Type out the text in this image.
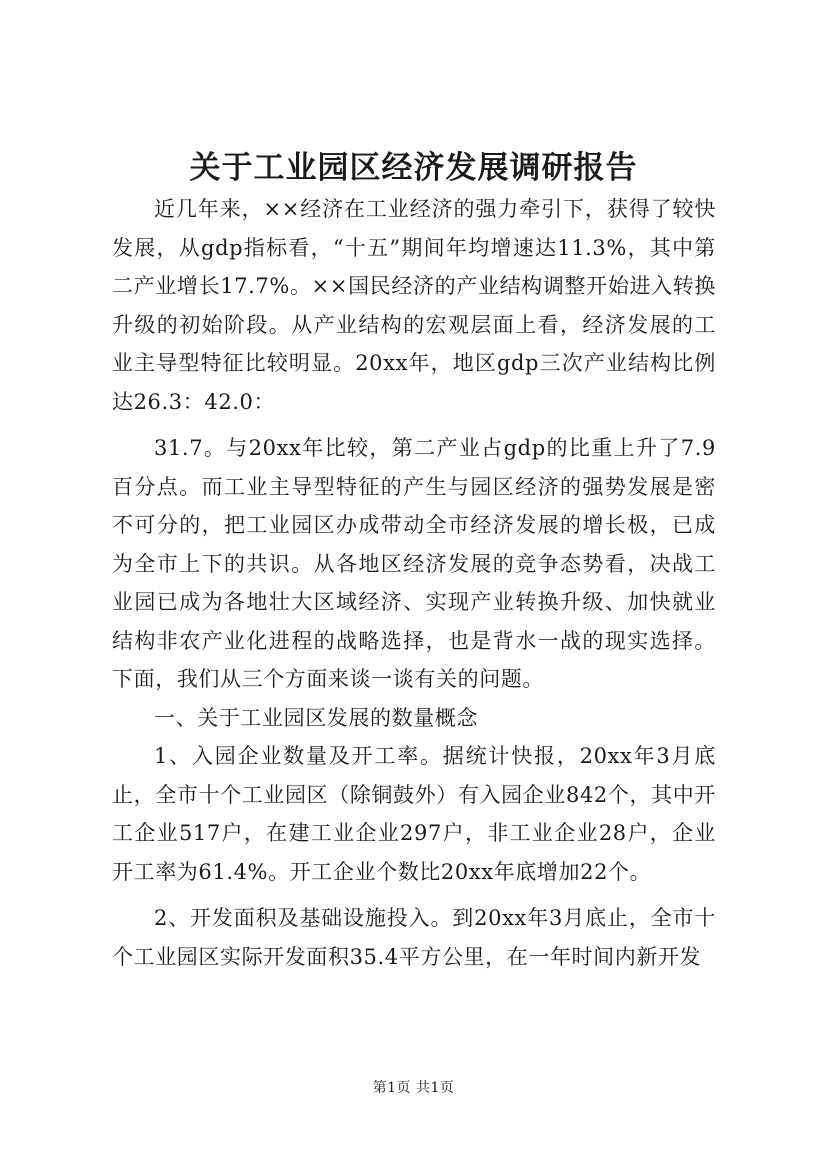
关于工业园区经济发展调研报告

近几年来，××经济在工业经济的强力牵引下，获得了较快发展，从gdp指标看，“十五”期间年均增速达11.3%，其中第二产业增长17.7%。××国民经济的产业结构调整开始进入转换升级的初始阶段。从产业结构的宏观层面上看，经济发展的工业主导型特征比较明显。20xx年，地区gdp三次产业结构比例达26.3：42.0：

31.7。与20xx年比较，第二产业占gdp的比重上升了7.9百分点。而工业主导型特征的产生与园区经济的强势发展是密不可分的，把工业园区办成带动全市经济发展的增长极，已成为全市上下的共识。从各地区经济发展的竞争态势看，决战工业园已成为各地壮大区域经济、实现产业转换升级、加快就业结构非农产业化进程的战略选择，也是背水一战的现实选择。下面，我们从三个方面来谈一谈有关的问题。

一、关于工业园区发展的数量概念

1、入园企业数量及开工率。据统计快报，20xx年3月底止，全市十个工业园区（除铜鼓外）有入园企业842个，其中开工企业517户，在建工业企业297户，非工业企业28户，企业开工率为61.4%。开工企业个数比20xx年底增加22个。

2、开发面积及基础设施投入。到20xx年3月底止，全市十个工业园区实际开发面积35.4平方公里，在一年时间内新开发

第1页 共1页
